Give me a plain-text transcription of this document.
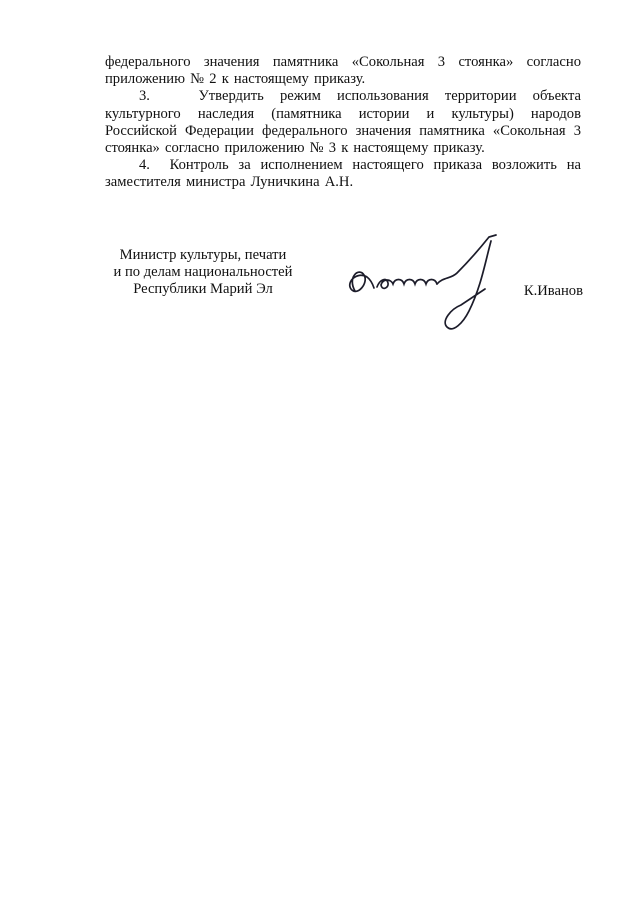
федерального значения памятника «Сокольная 3 стоянка» согласно приложению № 2 к настоящему приказу.

3.   Утвердить режим использования территории объекта культурного наследия (памятника истории и культуры) народов Российской Федерации федерального значения памятника «Сокольная 3 стоянка» согласно приложению № 3 к настоящему приказу.

4.  Контроль за исполнением настоящего приказа возложить на заместителя министра Луничкина А.Н.

Министр культуры, печати
и по делам национальностей
Республики Марий Эл	К.Иванов
